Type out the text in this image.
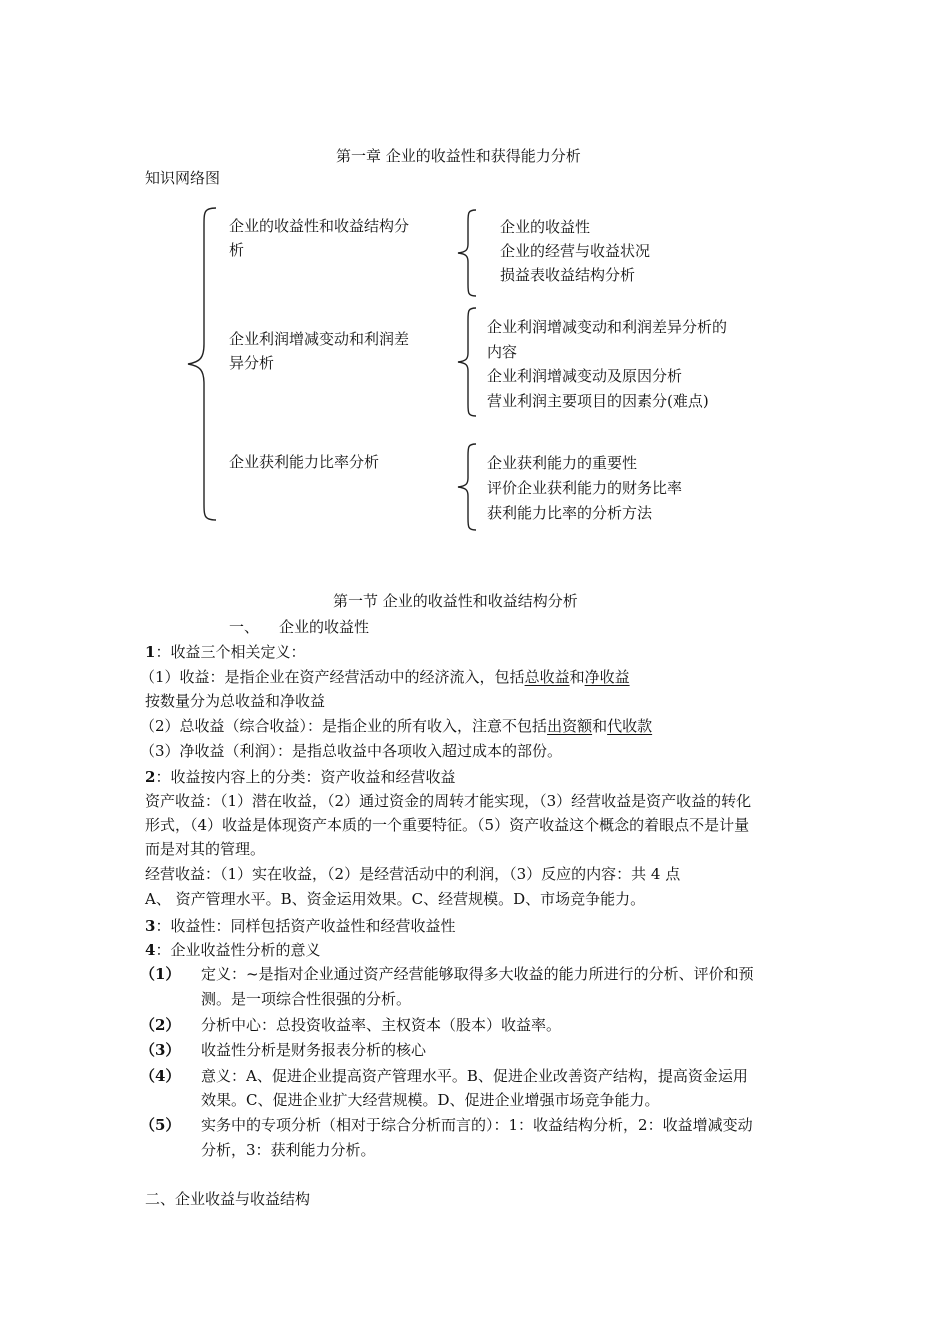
第一章 企业的收益性和获得能力分析
知识网络图
企业的收益性和收益结构分
析
企业利润增减变动和利润差
异分析
企业获利能力比率分析
企业的收益性
企业的经营与收益状况
损益表收益结构分析
企业利润增减变动和利润差异分析的
内容
企业利润增减变动及原因分析
营业利润主要项目的因素分(难点)
企业获利能力的重要性
评价企业获利能力的财务比率
获利能力比率的分析方法
第一节 企业的收益性和收益结构分析
一、 企业的收益性
1：收益三个相关定义：
（1）收益：是指企业在资产经营活动中的经济流入，包括总收益和净收益
按数量分为总收益和净收益
（2）总收益（综合收益）：是指企业的所有收入，注意不包括出资额和代收款
（3）净收益（利润）：是指总收益中各项收入超过成本的部份。
2：收益按内容上的分类：资产收益和经营收益
资产收益：（1）潜在收益，（2）通过资金的周转才能实现，（3）经营收益是资产收益的转化
形式，（4）收益是体现资产本质的一个重要特征。（5）资产收益这个概念的着眼点不是计量
而是对其的管理。
经营收益：（1）实在收益，（2）是经营活动中的利润，（3）反应的内容：共 4 点
A、 资产管理水平。B、资金运用效果。C、经营规模。D、市场竞争能力。
3：收益性：同样包括资产收益性和经营收益性
4：企业收益性分析的意义
（1） 定义：~是指对企业通过资产经营能够取得多大收益的能力所进行的分析、评价和预
测。是一项综合性很强的分析。
（2） 分析中心：总投资收益率、主权资本（股本）收益率。
（3） 收益性分析是财务报表分析的核心
（4） 意义：A、促进企业提高资产管理水平。B、促进企业改善资产结构，提高资金运用
效果。C、促进企业扩大经营规模。D、促进企业增强市场竞争能力。
（5） 实务中的专项分析（相对于综合分析而言的）：1：收益结构分析，2：收益增减变动
分析，3：获利能力分析。
二、企业收益与收益结构
